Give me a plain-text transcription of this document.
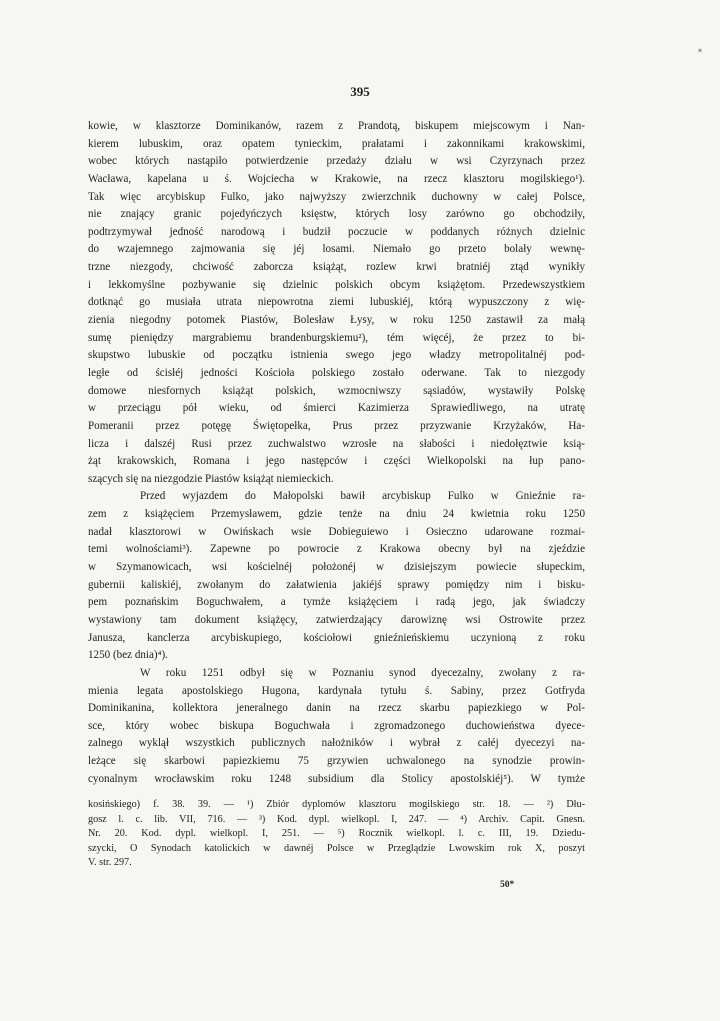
*
395
kowie, w klasztorze Dominikanów, razem z Prandotą, biskupem miejscowym i Nan-
kierem lubuskim, oraz opatem tynieckim, prałatami i zakonnikami krakowskimi,
wobec których nastąpiło potwierdzenie przedaży działu w wsi Czyrzynach przez
Wacława, kapelana u ś. Wojciecha w Krakowie, na rzecz klasztoru mogilskiego¹).
Tak więc arcybiskup Fulko, jako najwyższy zwierzchnik duchowny w całej Polsce,
nie znający granic pojedyńczych księstw, których losy zarówno go obchodziły,
podtrzymywał jedność narodową i budził poczucie w poddanych różnych dzielnic
do wzajemnego zajmowania się jéj losami. Niemało go przeto bolały wewnę-
trzne niezgody, chciwość zaborcza książąt, rozlew krwi bratniéj ztąd wynikły
i lekkomyślne pozbywanie się dzielnic polskich obcym książętom. Przedewszystkiem
dotknąć go musiała utrata niepowrotna ziemi lubuskiéj, którą wypuszczony z wię-
zienia niegodny potomek Piastów, Bolesław Łysy, w roku 1250 zastawił za małą
sumę pieniędzy margrabiemu brandenburgskiemu²), tém więcéj, że przez to bi-
skupstwo lubuskie od początku istnienia swego jego władzy metropolitalnéj pod-
ległe od ścisłéj jedności Kościoła polskiego zostało oderwane. Tak to niezgody
domowe niesfornych książąt polskich, wzmocniwszy sąsiadów, wystawiły Polskę
w przeciągu pół wieku, od śmierci Kazimierza Sprawiedliwego, na utratę
Pomeranii przez potęgę Świętopełka, Prus przez przyzwanie Krzyżaków, Ha-
licza i dalszéj Rusi przez zuchwalstwo wzrosłe na słabości i niedołęztwie ksią-
żąt krakowskich, Romana i jego następców i części Wielkopolski na łup pano-
szących się na niezgodzie Piastów książąt niemieckich.
Przed wyjazdem do Małopolski bawił arcybiskup Fulko w Gnieźnie ra-
zem z książęciem Przemysławem, gdzie tenże na dniu 24 kwietnia roku 1250
nadał klasztorowi w Owińskach wsie Dobieguiewo i Osieczno udarowane rozmai-
temi wolnościami³). Zapewne po powrocie z Krakowa obecny był na zjeździe
w Szymanowicach, wsi kościelnéj położonéj w dzisiejszym powiecie słupeckim,
gubernii kaliskiéj, zwołanym do załatwienia jakiéjś sprawy pomiędzy nim i bisku-
pem poznańskim Boguchwałem, a tymże książęciem i radą jego, jak świadczy
wystawiony tam dokument książęcy, zatwierdzający darowiznę wsi Ostrowite przez
Janusza, kanclerza arcybiskupiego, kościołowi gnieźnieńskiemu uczynioną z roku
1250 (bez dnia)⁴).
W roku 1251 odbył się w Poznaniu synod dyecezalny, zwołany z ra-
mienia legata apostolskiego Hugona, kardynała tytułu ś. Sabiny, przez Gotfryda
Dominikanina, kollektora jeneralnego danin na rzecz skarbu papiezkiego w Pol-
sce, który wobec biskupa Boguchwała i zgromadzonego duchowieństwa dyece-
zalnego wyklął wszystkich publicznych nałożników i wybrał z całéj dyecezyi na-
leżące się skarbowi papiezkiemu 75 grzywien uchwalonego na synodzie prowin-
cyonalnym wrocławskim roku 1248 subsidium dla Stolicy apostolskiéj⁵). W tymże
kosińskiego) f. 38. 39. — ¹) Zbiór dyplomów klasztoru mogilskiego str. 18. — ²) Dłu-
gosz l. c. lib. VII, 716. — ³) Kod. dypl. wielkopl. I, 247. — ⁴) Archiv. Capit. Gnesn.
Nr. 20. Kod. dypl. wielkopl. I, 251. — ⁵) Rocznik wielkopl. l. c. III, 19. Dziedu-
szycki, O Synodach katolickich w dawnéj Polsce w Przeglądzie Lwowskim rok X, poszyt
V. str. 297.
50*
